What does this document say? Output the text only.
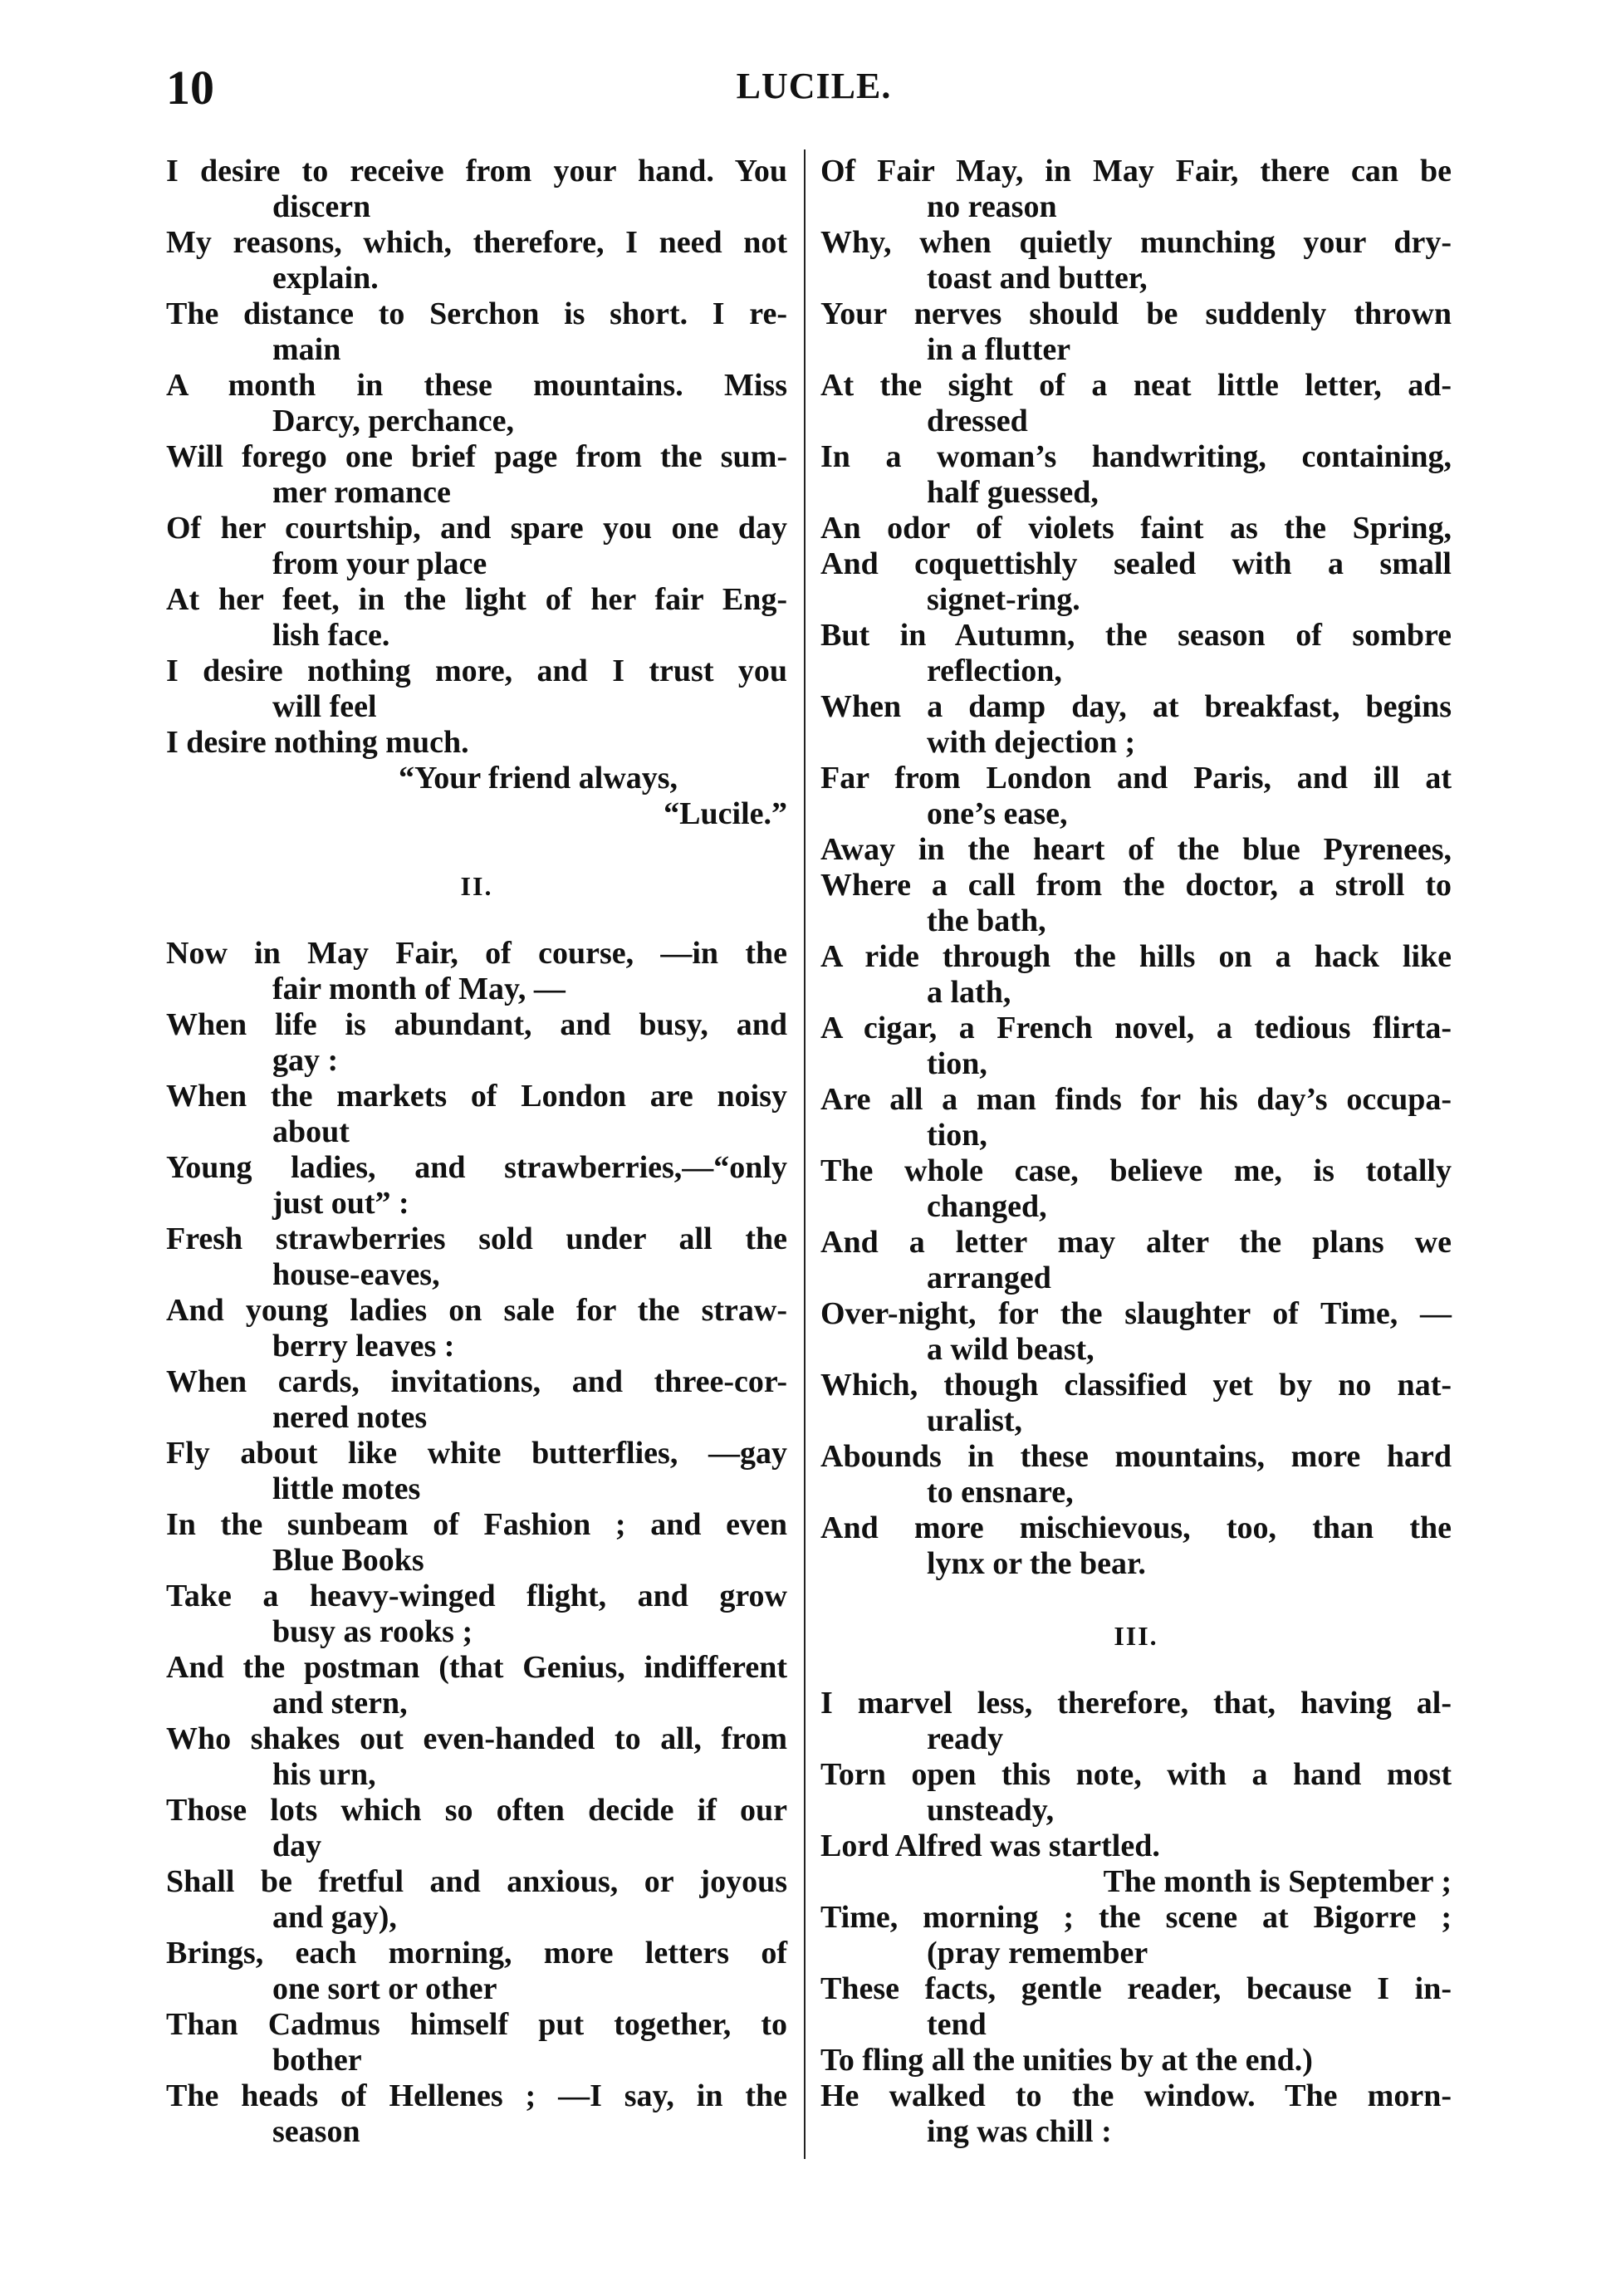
10	LUCILE.
I desire to receive from your hand. You
discern
My reasons, which, therefore, I need not
explain.
The distance to Serchon is short. I re-
main
A month in these mountains. Miss
Darcy, perchance,
Will forego one brief page from the sum-
mer romance
Of her courtship, and spare you one day
from your place
At her feet, in the light of her fair Eng-
lish face.
I desire nothing more, and I trust you
will feel
I desire nothing much.
“Your friend always,
“Lucile.”
II.
Now in May Fair, of course, —in the
fair month of May, —
When life is abundant, and busy, and
gay :
When the markets of London are noisy
about
Young ladies, and strawberries,—“only
just out” :
Fresh strawberries sold under all the
house-eaves,
And young ladies on sale for the straw-
berry leaves :
When cards, invitations, and three-cor-
nered notes
Fly about like white butterflies, —gay
little motes
In the sunbeam of Fashion ; and even
Blue Books
Take a heavy-winged flight, and grow
busy as rooks ;
And the postman (that Genius, indifferent
and stern,
Who shakes out even-handed to all, from
his urn,
Those lots which so often decide if our
day
Shall be fretful and anxious, or joyous
and gay),
Brings, each morning, more letters of
one sort or other
Than Cadmus himself put together, to
bother
The heads of Hellenes ; —I say, in the
season
Of Fair May, in May Fair, there can be
no reason
Why, when quietly munching your dry-
toast and butter,
Your nerves should be suddenly thrown
in a flutter
At the sight of a neat little letter, ad-
dressed
In a woman’s handwriting, containing,
half guessed,
An odor of violets faint as the Spring,
And coquettishly sealed with a small
signet-ring.
But in Autumn, the season of sombre
reflection,
When a damp day, at breakfast, begins
with dejection ;
Far from London and Paris, and ill at
one’s ease,
Away in the heart of the blue Pyrenees,
Where a call from the doctor, a stroll to
the bath,
A ride through the hills on a hack like
a lath,
A cigar, a French novel, a tedious flirta-
tion,
Are all a man finds for his day’s occupa-
tion,
The whole case, believe me, is totally
changed,
And a letter may alter the plans we
arranged
Over-night, for the slaughter of Time, —
a wild beast,
Which, though classified yet by no nat-
uralist,
Abounds in these mountains, more hard
to ensnare,
And more mischievous, too, than the
lynx or the bear.
III.
I marvel less, therefore, that, having al-
ready
Torn open this note, with a hand most
unsteady,
Lord Alfred was startled.
The month is September ;
Time, morning ; the scene at Bigorre ;
(pray remember
These facts, gentle reader, because I in-
tend
To fling all the unities by at the end.)
He walked to the window. The morn-
ing was chill :
